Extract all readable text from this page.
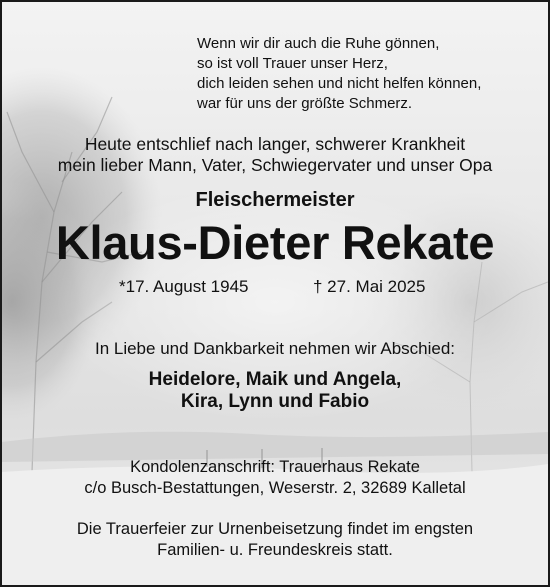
Wenn wir dir auch die Ruhe gönnen,
so ist voll Trauer unser Herz,
dich leiden sehen und nicht helfen können,
war für uns der größte Schmerz.
Heute entschlief nach langer, schwerer Krankheit
mein lieber Mann, Vater, Schwiegervater und unser Opa
Fleischermeister
Klaus-Dieter Rekate
*17. August 1945	† 27. Mai 2025
In Liebe und Dankbarkeit nehmen wir Abschied:
Heidelore, Maik und Angela,
Kira, Lynn und Fabio
Kondolenzanschrift: Trauerhaus Rekate
c/o Busch-Bestattungen, Weserstr. 2, 32689 Kalletal
Die Trauerfeier zur Urnenbeisetzung findet im engsten
Familien- u. Freundeskreis statt.
